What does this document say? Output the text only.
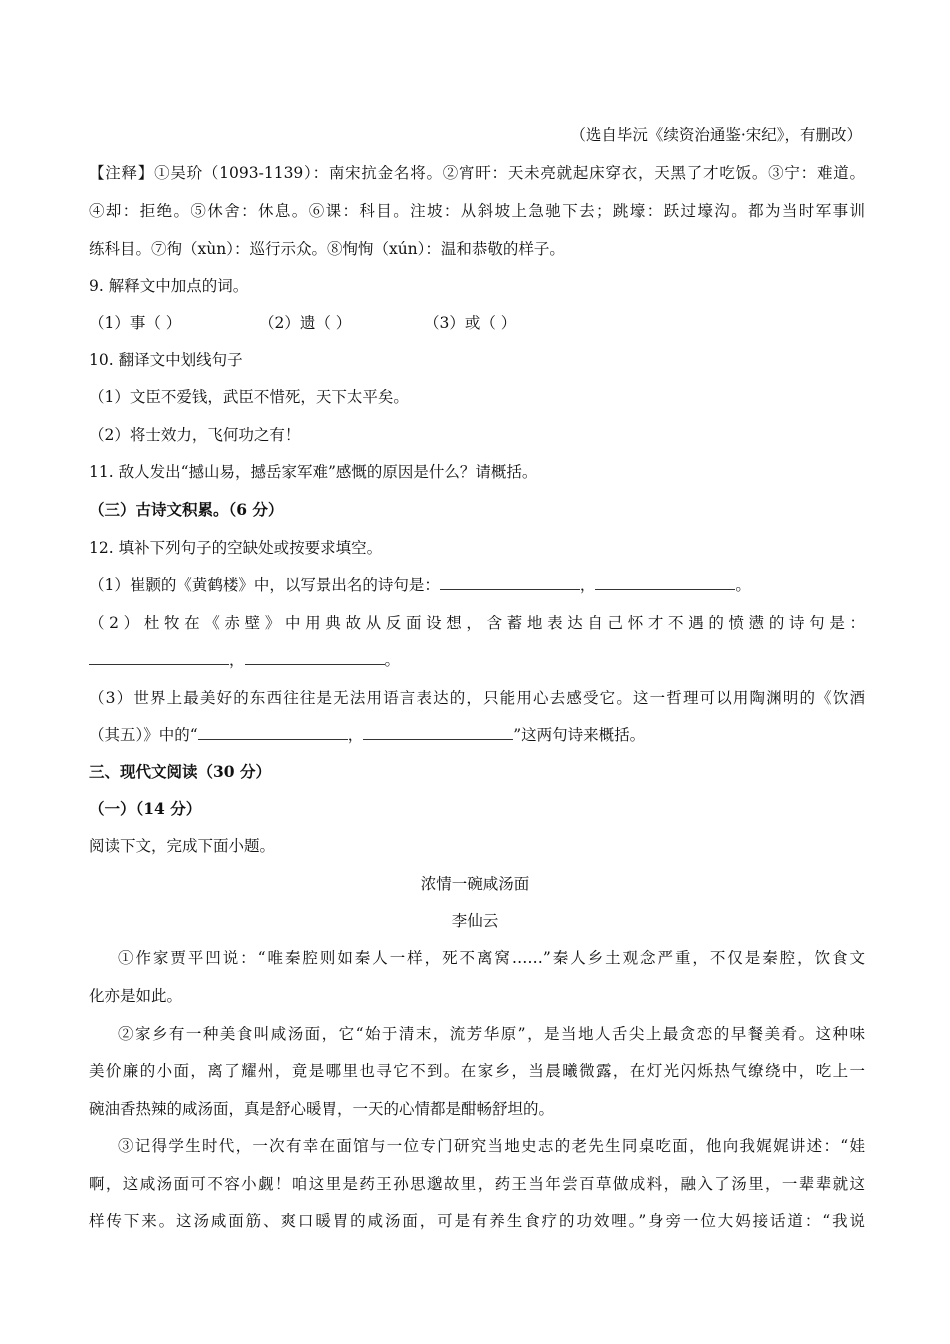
（选自毕沅《续资治通鉴·宋纪》，有删改）
【注释】①吴玠（1093-1139）：南宋抗金名将。②宵旰：天未亮就起床穿衣，天黑了才吃饭。③宁：难道。
④却：拒绝。⑤休舍：休息。⑥课：科目。注坡：从斜坡上急驰下去；跳壕：跃过壕沟。都为当时军事训
练科目。⑦徇（xùn）：巡行示众。⑧恂恂（xún）：温和恭敬的样子。
9. 解释文中加点的词。
（1）事（ ）	（2）遗（ ）	（3）或（ ）
10. 翻译文中划线句子
（1）文臣不爱钱，武臣不惜死，天下太平矣。
（2）将士效力，飞何功之有！
11. 敌人发出“撼山易，撼岳家军难”感慨的原因是什么？请概括。
（三）古诗文积累。（6 分）
12. 填补下列句子的空缺处或按要求填空。
（1）崔颢的《黄鹤楼》中，以写景出名的诗句是：	，	。
（2）杜牧在《赤壁》中用典故从反面设想，含蓄地表达自己怀才不遇的愤懑的诗句是：
，	。
（3）世界上最美好的东西往往是无法用语言表达的，只能用心去感受它。这一哲理可以用陶渊明的《饮酒
（其五）》中的“	，	”这两句诗来概括。
三、现代文阅读（30 分）
（一）（14 分）
阅读下文，完成下面小题。
浓情一碗咸汤面
李仙云
①作家贾平凹说：“唯秦腔则如秦人一样，死不离窝……”秦人乡土观念严重，不仅是秦腔，饮食文
化亦是如此。
②家乡有一种美食叫咸汤面，它“始于清末，流芳华原”，是当地人舌尖上最贪恋的早餐美肴。这种味
美价廉的小面，离了耀州，竟是哪里也寻它不到。在家乡，当晨曦微露，在灯光闪烁热气缭绕中，吃上一
碗油香热辣的咸汤面，真是舒心暖胃，一天的心情都是酣畅舒坦的。
③记得学生时代，一次有幸在面馆与一位专门研究当地史志的老先生同桌吃面，他向我娓娓讲述：“娃
啊，这咸汤面可不容小觑！咱这里是药王孙思邈故里，药王当年尝百草做成料，融入了汤里，一辈辈就这
样传下来。这汤咸面筋、爽口暖胃的咸汤面，可是有养生食疗的功效哩。”身旁一位大妈接话道：“我说
